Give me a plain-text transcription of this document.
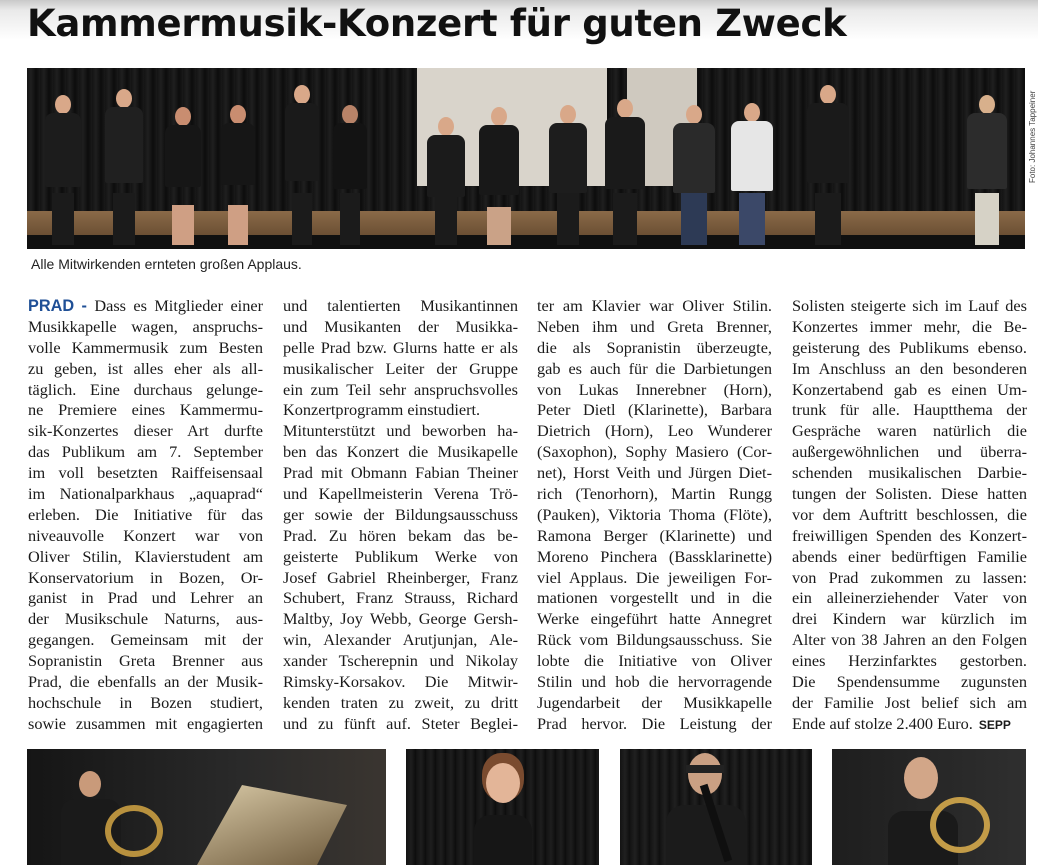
Kammermusik-Konzert für guten Zweck
Foto: Johannes Tappeiner
Alle Mitwirkenden ernteten großen Applaus.
PRAD - Dass es Mitglieder einer
Musikkapelle wagen, anspruchs-
volle Kammermusik zum Besten
zu geben, ist alles eher als all-
täglich. Eine durchaus gelunge-
ne Premiere eines Kammermu-
sik-Konzertes dieser Art durfte
das Publikum am 7. September
im voll besetzten Raiffeisensaal
im Nationalparkhaus „aquaprad“
erleben. Die Initiative für das
niveauvolle Konzert war von
Oliver Stilin, Klavierstudent am
Konservatorium in Bozen, Or-
ganist in Prad und Lehrer an
der Musikschule Naturns, aus-
gegangen. Gemeinsam mit der
Sopranistin Greta Brenner aus
Prad, die ebenfalls an der Musik-
hochschule in Bozen studiert,
sowie zusammen mit engagierten
und talentierten Musikantinnen
und Musikanten der Musikka-
pelle Prad bzw. Glurns hatte er als
musikalischer Leiter der Gruppe
ein zum Teil sehr anspruchsvolles
Konzertprogramm einstudiert.
Mitunterstützt und beworben ha-
ben das Konzert die Musikapelle
Prad mit Obmann Fabian Theiner
und Kapellmeisterin Verena Trö-
ger sowie der Bildungsausschuss
Prad. Zu hören bekam das be-
geisterte Publikum Werke von
Josef Gabriel Rheinberger, Franz
Schubert, Franz Strauss, Richard
Maltby, Joy Webb, George Gersh-
win, Alexander Arutjunjan, Ale-
xander Tscherepnin und Nikolay
Rimsky-Korsakov. Die Mitwir-
kenden traten zu zweit, zu dritt
und zu fünft auf. Steter Beglei-
ter am Klavier war Oliver Stilin.
Neben ihm und Greta Brenner,
die als Sopranistin überzeugte,
gab es auch für die Darbietungen
von Lukas Innerebner (Horn),
Peter Dietl (Klarinette), Barbara
Dietrich (Horn), Leo Wunderer
(Saxophon), Sophy Masiero (Cor-
net), Horst Veith und Jürgen Diet-
rich (Tenorhorn), Martin Rungg
(Pauken), Viktoria Thoma (Flöte),
Ramona Berger (Klarinette) und
Moreno Pinchera (Bassklarinette)
viel Applaus. Die jeweiligen For-
mationen vorgestellt und in die
Werke eingeführt hatte Annegret
Rück vom Bildungsausschuss. Sie
lobte die Initiative von Oliver
Stilin und hob die hervorragende
Jugendarbeit der Musikkapelle
Prad hervor. Die Leistung der
Solisten steigerte sich im Lauf des
Konzertes immer mehr, die Be-
geisterung des Publikums ebenso.
Im Anschluss an den besonderen
Konzertabend gab es einen Um-
trunk für alle. Hauptthema der
Gespräche waren natürlich die
außergewöhnlichen und überra-
schenden musikalischen Darbie-
tungen der Solisten. Diese hatten
vor dem Auftritt beschlossen, die
freiwilligen Spenden des Konzert-
abends einer bedürftigen Familie
von Prad zukommen zu lassen:
ein alleinerziehender Vater von
drei Kindern war kürzlich im
Alter von 38 Jahren an den Folgen
eines Herzinfarktes gestorben.
Die Spendensumme zugunsten
der Familie Jost belief sich am
Ende auf stolze 2.400 Euro. SEPP
